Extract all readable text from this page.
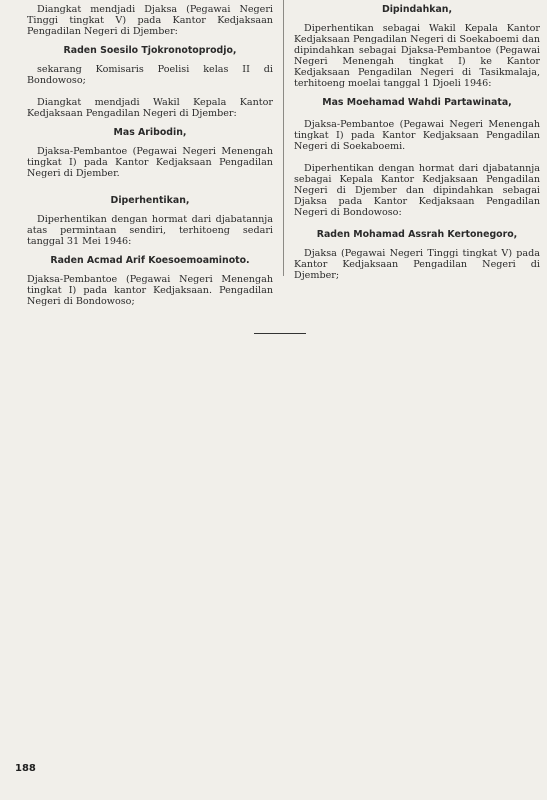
Diangkat mendjadi Djaksa (Pegawai Negeri Tinggi tingkat V) pada Kantor Kedjaksaan Pengadilan Negeri di Djember:

Raden Soesilo Tjokronotoprodjo,

sekarang Komisaris Poelisi kelas II di Bondowoso;

Diangkat mendjadi Wakil Kepala Kantor Kedjaksaan Pengadilan Negeri di Djember:

Mas Aribodin,

Djaksa-Pembantoe (Pegawai Negeri Menengah tingkat I) pada Kantor Kedjaksaan Pengadilan Negeri di Djember.

Diperhentikan,

Diperhentikan dengan hormat dari djabatannja atas permintaan sendiri, terhitoeng sedari tanggal 31 Mei 1946:

Raden Acmad Arif Koesoemoaminoto.

Djaksa-Pembantoe (Pegawai Negeri Menengah tingkat I) pada kantor Kedjaksaan. Pengadilan Negeri di Bondowoso;

Dipindahkan,

Diperhentikan sebagai Wakil Kepala Kantor Kedjaksaan Pengadilan Negeri di Soekaboemi dan dipindahkan sebagai Djaksa-Pembantoe (Pegawai Negeri Menengah tingkat I) ke Kantor Kedjaksaan Pengadilan Negeri di Tasikmalaja, terhitoeng moelai tanggal 1 Djoeli 1946:

Mas Moehamad Wahdi Partawinata,

Djaksa-Pembantoe (Pegawai Negeri Menengah tingkat I) pada Kantor Kedjaksaan Pengadilan Negeri di Soekaboemi.

Diperhentikan dengan hormat dari djabatannja sebagai Kepala Kantor Kedjaksaan Pengadilan Negeri di Djember dan dipindahkan sebagai Djaksa pada Kantor Kedjaksaan Pengadilan Negeri di Bondowoso:

Raden Mohamad Assrah Kertonegoro,

Djaksa (Pegawai Negeri Tinggi tingkat V) pada Kantor Kedjaksaan Pengadilan Negeri di Djember;

188
